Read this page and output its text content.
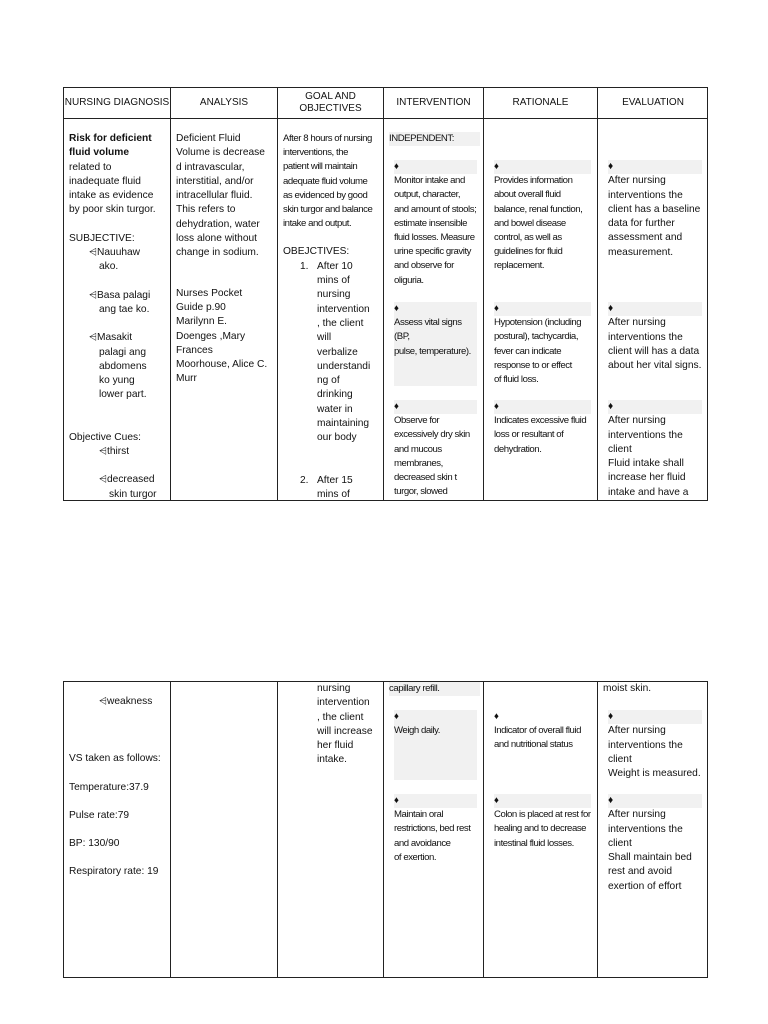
NURSING DIAGNOSIS

Risk for deficient

fluid volume

related to

inadequate fluid

intake as evidence

by poor skin turgor.

SUBJECTIVE:

⩤Nauuhaw

ako.

⩤Basa palagi

ang tae ko.

⩤Masakit

palagi ang

abdomens

ko yung

lower part.

Objective Cues:

⩤thirst

⩤decreased

skin turgor

ANALYSIS

Deficient Fluid

Volume is decrease

d intravascular,

interstitial, and/or

intracellular fluid.

This refers to

dehydration, water

loss alone without

change in sodium.

Nurses Pocket

Guide p.90

Marilynn E.

Doenges ,Mary

Frances

Moorhouse, Alice C.

Murr

GOAL AND OBJECTIVES

After 8 hours of nursing

interventions, the

patient will maintain

adequate fluid volume

as evidenced by good

skin turgor and balance

intake and output.

OBEJCTIVES:

1. After 10

mins of

nursing

intervention

, the client

will

verbalize

understandi

ng of

drinking

water in

maintaining

our body

2. After 15

mins of

INTERVENTION

INDEPENDENT:

♦

Monitor intake and

output, character,

and amount of stools;

estimate insensible

fluid losses. Measure

urine specific gravity

and observe for

oliguria.

♦

Assess vital signs (BP,

pulse, temperature).

♦

Observe for

excessively dry skin

and mucous

membranes,

decreased skin t

turgor, slowed

RATIONALE

♦

Provides information

about overall fluid

balance, renal function,

and bowel disease

control, as well as

guidelines for fluid

replacement.

♦

Hypotension (including

postural), tachycardia,

fever can indicate

response to or effect

of fluid loss.

♦

Indicates excessive fluid

loss or resultant of

dehydration.

EVALUATION

♦

After nursing

interventions the

client has a baseline

data for further

assessment and

measurement.

♦

After nursing

interventions the

client will has a data

about her vital signs.

♦

After nursing

interventions the

client

Fluid intake shall

increase her fluid

intake and have a

⩤weakness

VS taken as follows:

Temperature:37.9

Pulse rate:79

BP: 130/90

Respiratory rate: 19

nursing

intervention

, the client

will increase

her fluid

intake.

capillary refill.

♦

Weigh daily.

♦

Maintain oral

restrictions, bed rest

and avoidance

of exertion.

♦

Indicator of overall fluid

and nutritional status

♦

Colon is placed at rest for

healing and to decrease

intestinal fluid losses.

moist skin.

♦

After nursing

interventions the

client

Weight is measured.

♦

After nursing

interventions the

client

Shall maintain bed

rest and avoid

exertion of effort
